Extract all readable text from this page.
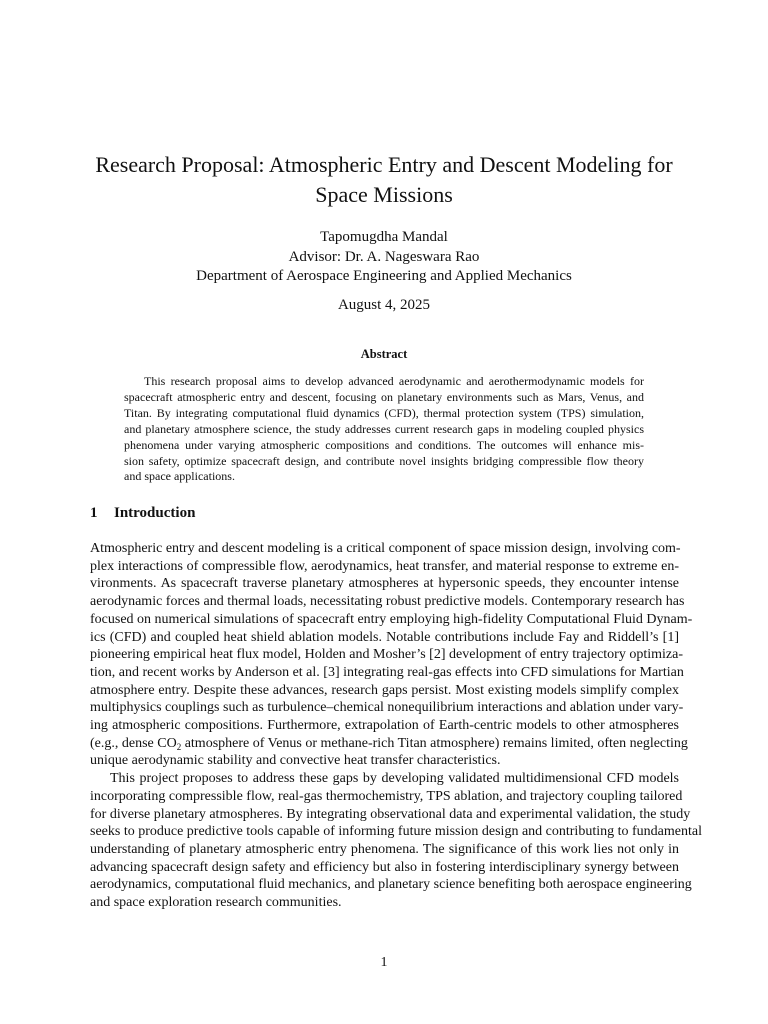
Research Proposal: Atmospheric Entry and Descent Modeling for
Space Missions
Tapomugdha Mandal
Advisor: Dr. A. Nageswara Rao
Department of Aerospace Engineering and Applied Mechanics
August 4, 2025
Abstract
This research proposal aims to develop advanced aerodynamic and aerothermodynamic models for
spacecraft atmospheric entry and descent, focusing on planetary environments such as Mars, Venus, and
Titan. By integrating computational fluid dynamics (CFD), thermal protection system (TPS) simulation,
and planetary atmosphere science, the study addresses current research gaps in modeling coupled physics
phenomena under varying atmospheric compositions and conditions. The outcomes will enhance mis-
sion safety, optimize spacecraft design, and contribute novel insights bridging compressible flow theory
and space applications.
1 Introduction
Atmospheric entry and descent modeling is a critical component of space mission design, involving com-
plex interactions of compressible flow, aerodynamics, heat transfer, and material response to extreme en-
vironments. As spacecraft traverse planetary atmospheres at hypersonic speeds, they encounter intense
aerodynamic forces and thermal loads, necessitating robust predictive models. Contemporary research has
focused on numerical simulations of spacecraft entry employing high-fidelity Computational Fluid Dynam-
ics (CFD) and coupled heat shield ablation models. Notable contributions include Fay and Riddell’s [1]
pioneering empirical heat flux model, Holden and Mosher’s [2] development of entry trajectory optimiza-
tion, and recent works by Anderson et al. [3] integrating real-gas effects into CFD simulations for Martian
atmosphere entry. Despite these advances, research gaps persist. Most existing models simplify complex
multiphysics couplings such as turbulence–chemical nonequilibrium interactions and ablation under vary-
ing atmospheric compositions. Furthermore, extrapolation of Earth-centric models to other atmospheres
(e.g., dense $CO_2$ atmosphere of Venus or methane-rich Titan atmosphere) remains limited, often neglecting
unique aerodynamic stability and convective heat transfer characteristics.
This project proposes to address these gaps by developing validated multidimensional CFD models
incorporating compressible flow, real-gas thermochemistry, TPS ablation, and trajectory coupling tailored
for diverse planetary atmospheres. By integrating observational data and experimental validation, the study
seeks to produce predictive tools capable of informing future mission design and contributing to fundamental
understanding of planetary atmospheric entry phenomena. The significance of this work lies not only in
advancing spacecraft design safety and efficiency but also in fostering interdisciplinary synergy between
aerodynamics, computational fluid mechanics, and planetary science benefiting both aerospace engineering
and space exploration research communities.
1
